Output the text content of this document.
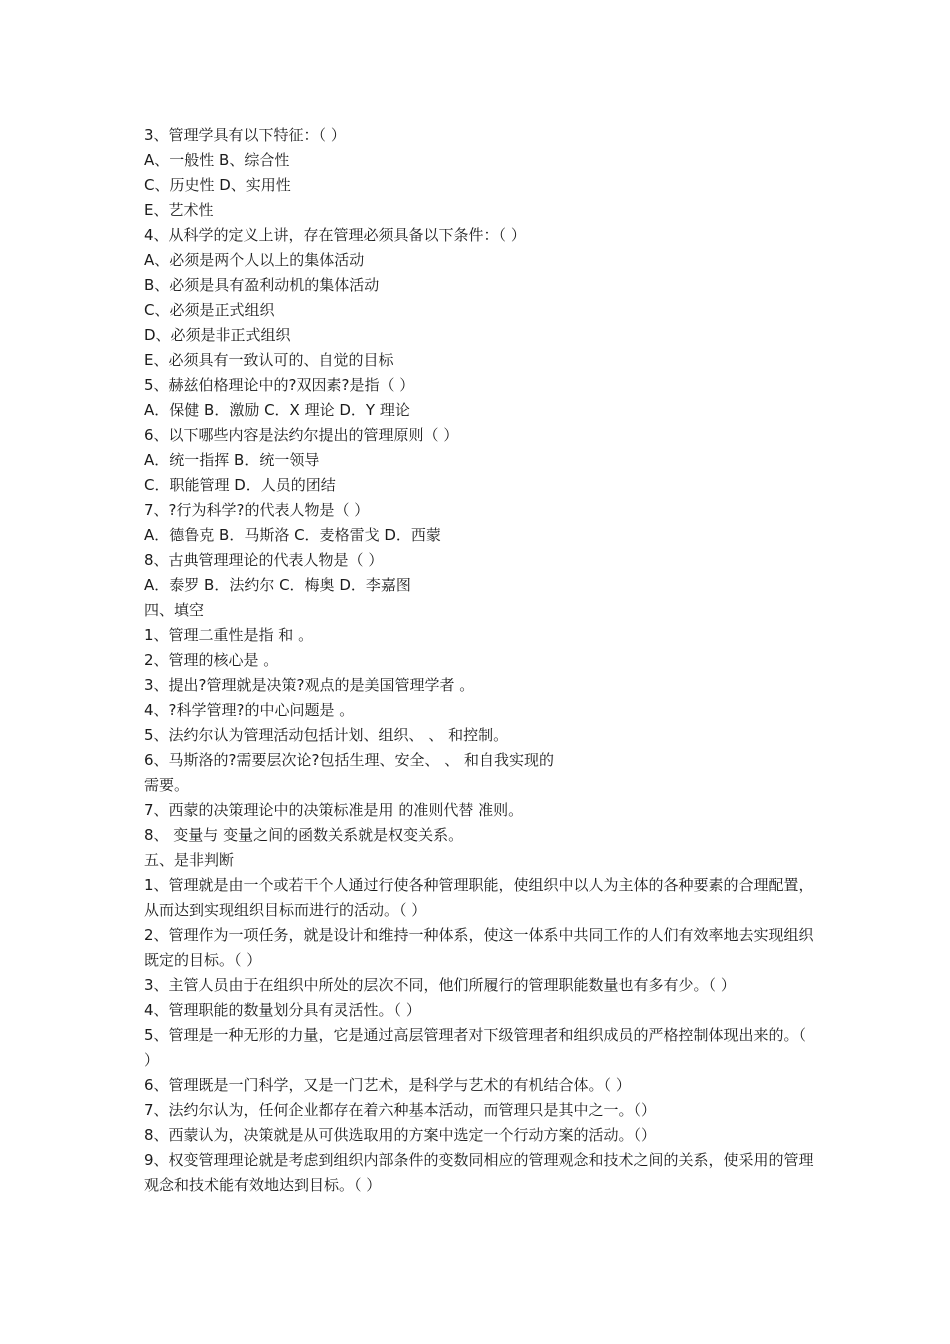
3、管理学具有以下特征：（ ）
A、一般性 B、综合性
C、历史性 D、实用性
E、艺术性
4、从科学的定义上讲，存在管理必须具备以下条件：（ ）
A、必须是两个人以上的集体活动
B、必须是具有盈利动机的集体活动
C、必须是正式组织
D、必须是非正式组织
E、必须具有一致认可的、自觉的目标
5、赫兹伯格理论中的?双因素?是指（ ）
A．保健 B．激励 C．X 理论 D．Y 理论
6、以下哪些内容是法约尔提出的管理原则（ ）
A．统一指挥 B．统一领导
C．职能管理 D．人员的团结
7、?行为科学?的代表人物是（ ）
A．德鲁克 B．马斯洛 C．麦格雷戈 D．西蒙
8、古典管理理论的代表人物是（ ）
A．泰罗 B．法约尔 C．梅奥 D．李嘉图
四、填空
1、管理二重性是指 和 。
2、管理的核心是 。
3、提出?管理就是决策?观点的是美国管理学者 。
4、?科学管理?的中心问题是 。
5、法约尔认为管理活动包括计划、组织、 、 和控制。
6、马斯洛的?需要层次论?包括生理、安全、 、 和自我实现的
需要。
7、西蒙的决策理论中的决策标准是用 的准则代替 准则。
8、 变量与 变量之间的函数关系就是权变关系。
五、是非判断
1、管理就是由一个或若干个人通过行使各种管理职能，使组织中以人为主体的各种要素的合理配置，从而达到实现组织目标而进行的活动。（ ）
2、管理作为一项任务，就是设计和维持一种体系，使这一体系中共同工作的人们有效率地去实现组织既定的目标。（ ）
3、主管人员由于在组织中所处的层次不同，他们所履行的管理职能数量也有多有少。（ ）
4、管理职能的数量划分具有灵活性。（ ）
5、管理是一种无形的力量，它是通过高层管理者对下级管理者和组织成员的严格控制体现出来的。（ ）
6、管理既是一门科学，又是一门艺术，是科学与艺术的有机结合体。（ ）
7、法约尔认为，任何企业都存在着六种基本活动，而管理只是其中之一。（）
8、西蒙认为，决策就是从可供选取用的方案中选定一个行动方案的活动。（）
9、权变管理理论就是考虑到组织内部条件的变数同相应的管理观念和技术之间的关系，使采用的管理观念和技术能有效地达到目标。（ ）
